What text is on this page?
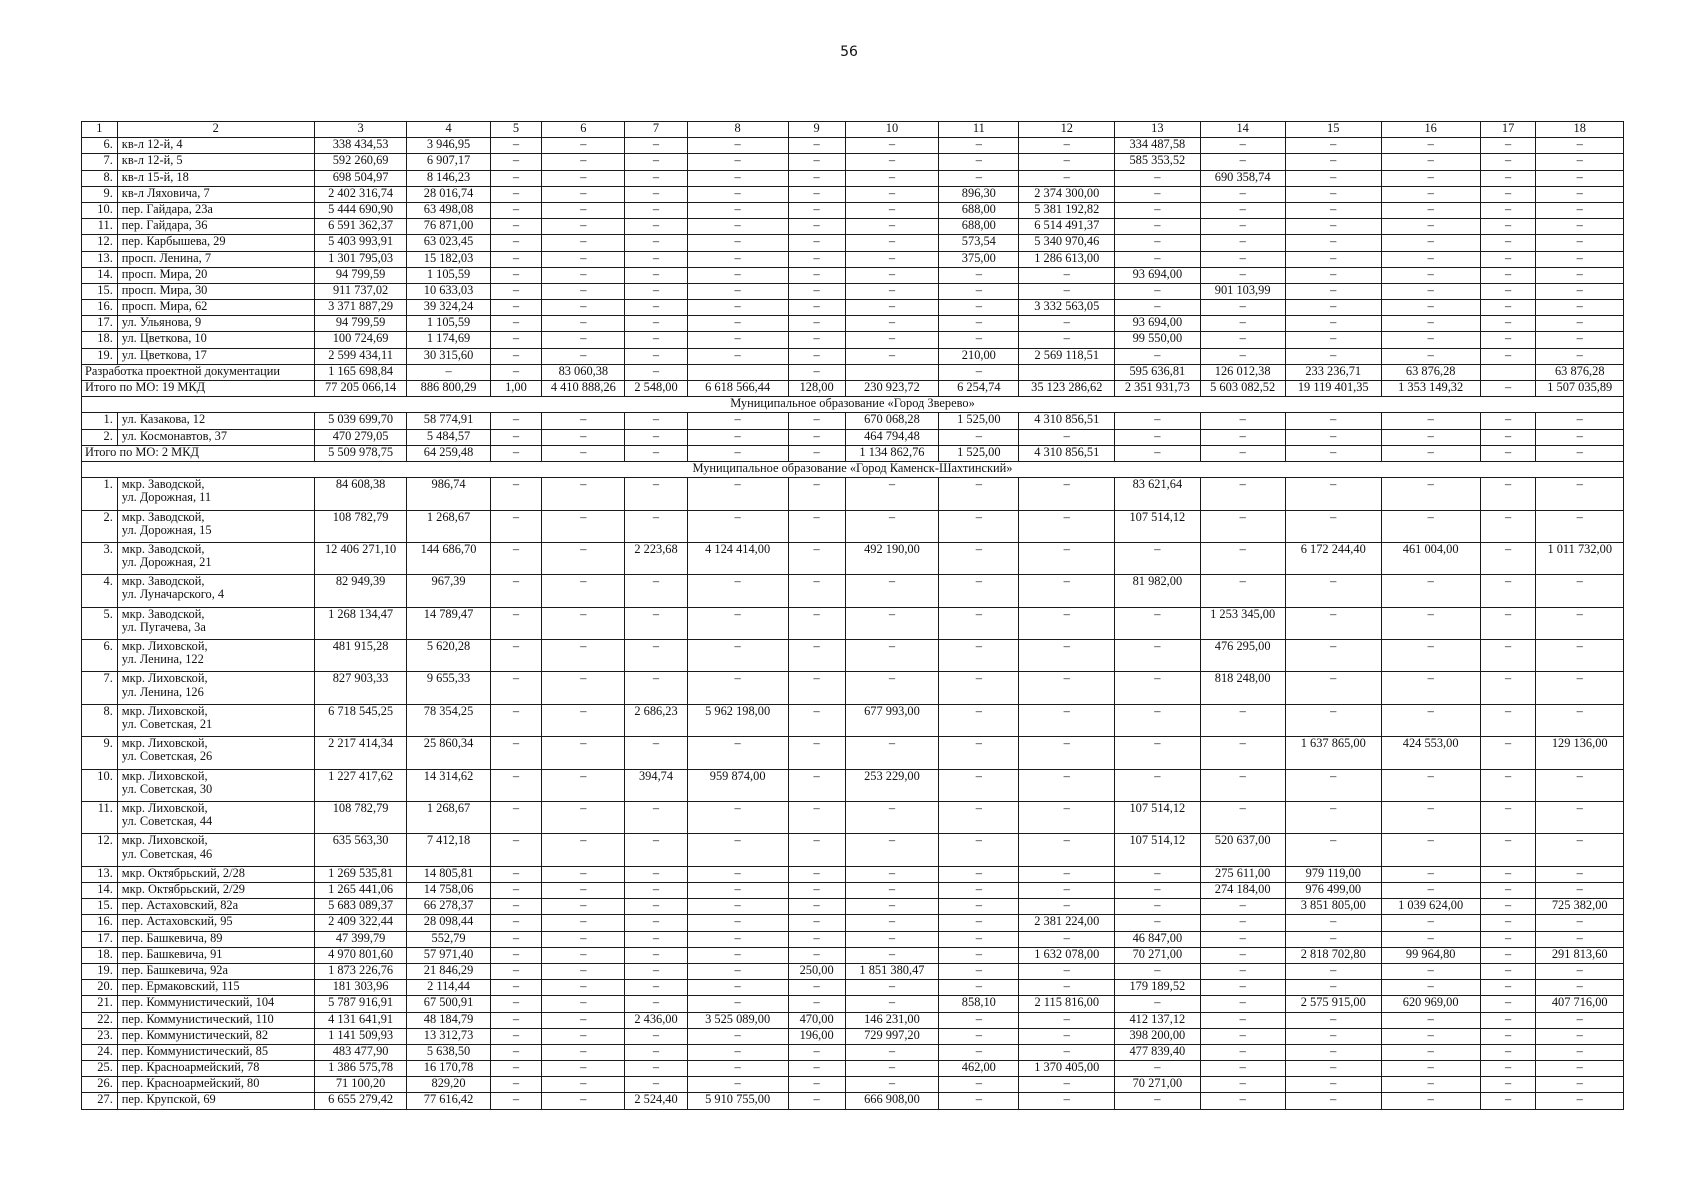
56
1	2	3	4	5	6	7	8	9	10	11	12	13	14	15	16	17	18
6.	кв-л 12-й, 4	338 434,53	3 946,95	–	–	–	–	–	–	–	–	334 487,58	–	–	–	–	–
7.	кв-л 12-й, 5	592 260,69	6 907,17	–	–	–	–	–	–	–	–	585 353,52	–	–	–	–	–
8.	кв-л 15-й, 18	698 504,97	8 146,23	–	–	–	–	–	–	–	–	–	690 358,74	–	–	–	–
9.	кв-л Ляховича, 7	2 402 316,74	28 016,74	–	–	–	–	–	–	896,30	2 374 300,00	–	–	–	–	–	–
10.	пер. Гайдара, 23а	5 444 690,90	63 498,08	–	–	–	–	–	–	688,00	5 381 192,82	–	–	–	–	–	–
11.	пер. Гайдара, 36	6 591 362,37	76 871,00	–	–	–	–	–	–	688,00	6 514 491,37	–	–	–	–	–	–
12.	пер. Карбышева, 29	5 403 993,91	63 023,45	–	–	–	–	–	–	573,54	5 340 970,46	–	–	–	–	–	–
13.	просп. Ленина, 7	1 301 795,03	15 182,03	–	–	–	–	–	–	375,00	1 286 613,00	–	–	–	–	–	–
14.	просп. Мира, 20	94 799,59	1 105,59	–	–	–	–	–	–	–	–	93 694,00	–	–	–	–	–
15.	просп. Мира, 30	911 737,02	10 633,03	–	–	–	–	–	–	–	–	–	901 103,99	–	–	–	–
16.	просп. Мира, 62	3 371 887,29	39 324,24	–	–	–	–	–	–	–	3 332 563,05	–	–	–	–	–	–
17.	ул. Ульянова, 9	94 799,59	1 105,59	–	–	–	–	–	–	–	–	93 694,00	–	–	–	–	–
18.	ул. Цветкова, 10	100 724,69	1 174,69	–	–	–	–	–	–	–	–	99 550,00	–	–	–	–	–
19.	ул. Цветкова, 17	2 599 434,11	30 315,60	–	–	–	–	–	–	210,00	2 569 118,51	–	–	–	–	–	–
Разработка проектной документации		1 165 698,84	–	–	83 060,38	–		–		–		595 636,81	126 012,38	233 236,71	63 876,28		63 876,28
Итого по МО: 19 МКД		77 205 066,14	886 800,29	1,00	4 410 888,26	2 548,00	6 618 566,44	128,00	230 923,72	6 254,74	35 123 286,62	2 351 931,73	5 603 082,52	19 119 401,35	1 353 149,32	–	1 507 035,89
Муниципальное образование «Город Зверево»																	
1.	ул. Казакова, 12	5 039 699,70	58 774,91	–	–	–	–	–	670 068,28	1 525,00	4 310 856,51	–	–	–	–	–	–
2.	ул. Космонавтов, 37	470 279,05	5 484,57	–	–	–	–	–	464 794,48	–	–	–	–	–	–	–	–
Итого по МО: 2 МКД		5 509 978,75	64 259,48	–	–	–	–	–	1 134 862,76	1 525,00	4 310 856,51	–	–	–	–	–	–
Муниципальное образование «Город Каменск-Шахтинский»																	
1.	мкр. Заводской,
ул. Дорожная, 11	84 608,38	986,74	–	–	–	–	–	–	–	–	83 621,64	–	–	–	–	–
2.	мкр. Заводской,
ул. Дорожная, 15	108 782,79	1 268,67	–	–	–	–	–	–	–	–	107 514,12	–	–	–	–	–
3.	мкр. Заводской,
ул. Дорожная, 21	12 406 271,10	144 686,70	–	–	2 223,68	4 124 414,00	–	492 190,00	–	–	–	–	6 172 244,40	461 004,00	–	1 011 732,00
4.	мкр. Заводской,
ул. Луначарского, 4	82 949,39	967,39	–	–	–	–	–	–	–	–	81 982,00	–	–	–	–	–
5.	мкр. Заводской,
ул. Пугачева, 3а	1 268 134,47	14 789,47	–	–	–	–	–	–	–	–	–	1 253 345,00	–	–	–	–
6.	мкр. Лиховской,
ул. Ленина, 122	481 915,28	5 620,28	–	–	–	–	–	–	–	–	–	476 295,00	–	–	–	–
7.	мкр. Лиховской,
ул. Ленина, 126	827 903,33	9 655,33	–	–	–	–	–	–	–	–	–	818 248,00	–	–	–	–
8.	мкр. Лиховской,
ул. Советская, 21	6 718 545,25	78 354,25	–	–	2 686,23	5 962 198,00	–	677 993,00	–	–	–	–	–	–	–	–
9.	мкр. Лиховской,
ул. Советская, 26	2 217 414,34	25 860,34	–	–	–	–	–	–	–	–	–	–	1 637 865,00	424 553,00	–	129 136,00
10.	мкр. Лиховской,
ул. Советская, 30	1 227 417,62	14 314,62	–	–	394,74	959 874,00	–	253 229,00	–	–	–	–	–	–	–	–
11.	мкр. Лиховской,
ул. Советская, 44	108 782,79	1 268,67	–	–	–	–	–	–	–	–	107 514,12	–	–	–	–	–
12.	мкр. Лиховской,
ул. Советская, 46	635 563,30	7 412,18	–	–	–	–	–	–	–	–	107 514,12	520 637,00	–	–	–	–
13.	мкр. Октябрьский, 2/28	1 269 535,81	14 805,81	–	–	–	–	–	–	–	–	–	275 611,00	979 119,00	–	–	–
14.	мкр. Октябрьский, 2/29	1 265 441,06	14 758,06	–	–	–	–	–	–	–	–	–	274 184,00	976 499,00	–	–	–
15.	пер. Астаховский, 82а	5 683 089,37	66 278,37	–	–	–	–	–	–	–	–	–	–	3 851 805,00	1 039 624,00	–	725 382,00
16.	пер. Астаховский, 95	2 409 322,44	28 098,44	–	–	–	–	–	–	–	2 381 224,00	–	–	–	–	–	–
17.	пер. Башкевича, 89	47 399,79	552,79	–	–	–	–	–	–	–	–	46 847,00	–	–	–	–	–
18.	пер. Башкевича, 91	4 970 801,60	57 971,40	–	–	–	–	–	–	–	1 632 078,00	70 271,00	–	2 818 702,80	99 964,80	–	291 813,60
19.	пер. Башкевича, 92а	1 873 226,76	21 846,29	–	–	–	–	250,00	1 851 380,47	–	–	–	–	–	–	–	–
20.	пер. Ермаковский, 115	181 303,96	2 114,44	–	–	–	–	–	–	–	–	179 189,52	–	–	–	–	–
21.	пер. Коммунистический, 104	5 787 916,91	67 500,91	–	–	–	–	–	–	858,10	2 115 816,00	–	–	2 575 915,00	620 969,00	–	407 716,00
22.	пер. Коммунистический, 110	4 131 641,91	48 184,79	–	–	2 436,00	3 525 089,00	470,00	146 231,00	–	–	412 137,12	–	–	–	–	–
23.	пер. Коммунистический, 82	1 141 509,93	13 312,73	–	–	–	–	196,00	729 997,20	–	–	398 200,00	–	–	–	–	–
24.	пер. Коммунистический, 85	483 477,90	5 638,50	–	–	–	–	–	–	–	–	477 839,40	–	–	–	–	–
25.	пер. Красноармейский, 78	1 386 575,78	16 170,78	–	–	–	–	–	–	462,00	1 370 405,00	–	–	–	–	–	–
26.	пер. Красноармейский, 80	71 100,20	829,20	–	–	–	–	–	–	–	–	70 271,00	–	–	–	–	–
27.	пер. Крупской, 69	6 655 279,42	77 616,42	–	–	2 524,40	5 910 755,00	–	666 908,00	–	–	–	–	–	–	–	–
